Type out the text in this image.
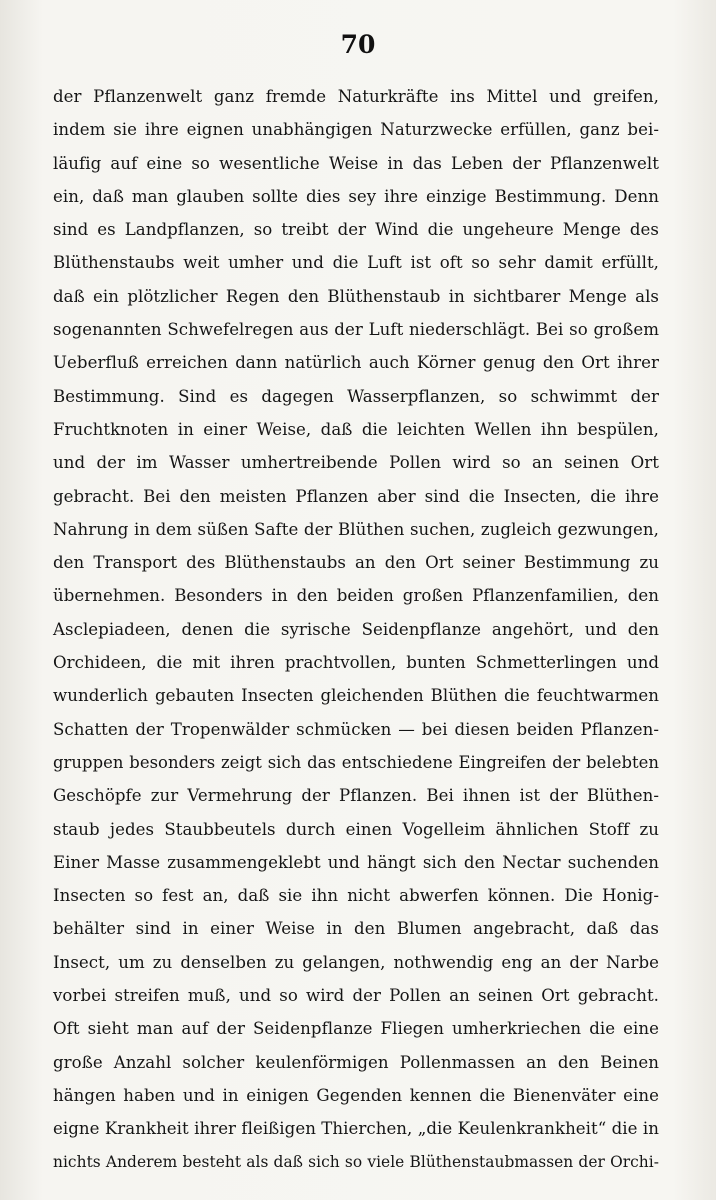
70
der Pflanzenwelt ganz fremde Naturkräfte ins Mittel und greifen,
indem sie ihre eignen unabhängigen Naturzwecke erfüllen, ganz bei-
läufig auf eine so wesentliche Weise in das Leben der Pflanzenwelt
ein, daß man glauben sollte dies sey ihre einzige Bestimmung. Denn
sind es Landpflanzen, so treibt der Wind die ungeheure Menge des
Blüthenstaubs weit umher und die Luft ist oft so sehr damit erfüllt,
daß ein plötzlicher Regen den Blüthenstaub in sichtbarer Menge als
sogenannten Schwefelregen aus der Luft niederschlägt. Bei so großem
Ueberfluß erreichen dann natürlich auch Körner genug den Ort ihrer
Bestimmung. Sind es dagegen Wasserpflanzen, so schwimmt der
Fruchtknoten in einer Weise, daß die leichten Wellen ihn bespülen,
und der im Wasser umhertreibende Pollen wird so an seinen Ort
gebracht. Bei den meisten Pflanzen aber sind die Insecten, die ihre
Nahrung in dem süßen Safte der Blüthen suchen, zugleich gezwungen,
den Transport des Blüthenstaubs an den Ort seiner Bestimmung zu
übernehmen. Besonders in den beiden großen Pflanzenfamilien, den
Asclepiadeen, denen die syrische Seidenpflanze angehört, und den
Orchideen, die mit ihren prachtvollen, bunten Schmetterlingen und
wunderlich gebauten Insecten gleichenden Blüthen die feuchtwarmen
Schatten der Tropenwälder schmücken — bei diesen beiden Pflanzen-
gruppen besonders zeigt sich das entschiedene Eingreifen der belebten
Geschöpfe zur Vermehrung der Pflanzen. Bei ihnen ist der Blüthen-
staub jedes Staubbeutels durch einen Vogelleim ähnlichen Stoff zu
Einer Masse zusammengeklebt und hängt sich den Nectar suchenden
Insecten so fest an, daß sie ihn nicht abwerfen können. Die Honig-
behälter sind in einer Weise in den Blumen angebracht, daß das
Insect, um zu denselben zu gelangen, nothwendig eng an der Narbe
vorbei streifen muß, und so wird der Pollen an seinen Ort gebracht.
Oft sieht man auf der Seidenpflanze Fliegen umherkriechen die eine
große Anzahl solcher keulenförmigen Pollenmassen an den Beinen
hängen haben und in einigen Gegenden kennen die Bienenväter eine
eigne Krankheit ihrer fleißigen Thierchen, „die Keulenkrankheit“ die in
nichts Anderem besteht als daß sich so viele Blüthenstaubmassen der Orchi-
